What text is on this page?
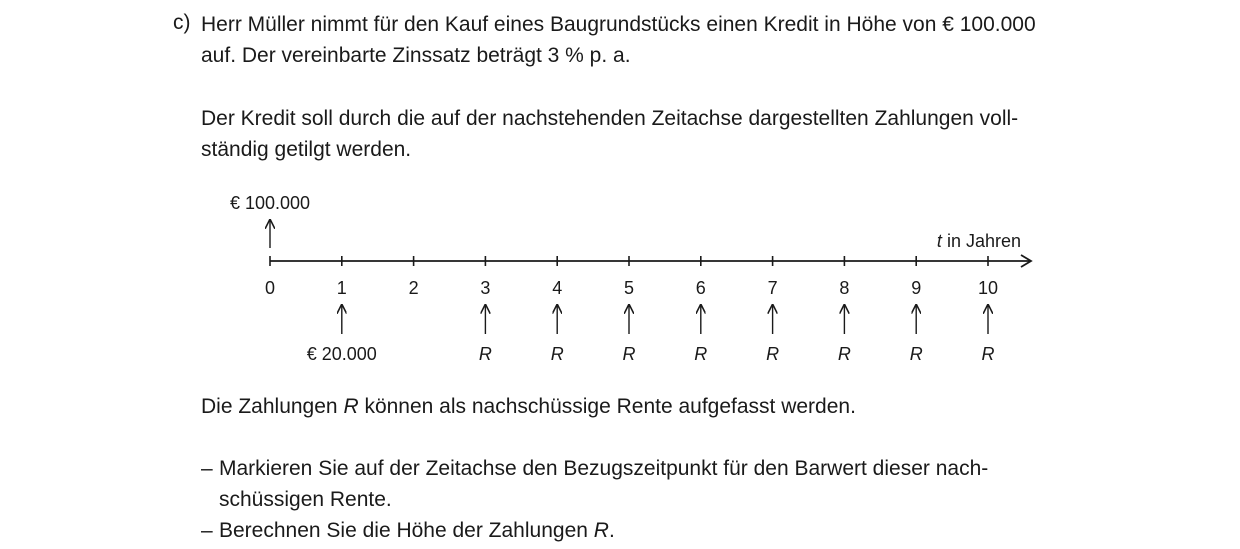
c) Herr Müller nimmt für den Kauf eines Baugrundstücks einen Kredit in Höhe von € 100.000
auf. Der vereinbarte Zinssatz beträgt 3 % p. a.

Der Kredit soll durch die auf der nachstehenden Zeitachse dargestellten Zahlungen voll-
ständig getilgt werden.

t in Jahren
€ 100.000
0	1	2	3	4	5	6	7	8	9	10
€ 20.000	R	R	R	R	R	R	R	R

Die Zahlungen R können als nachschüssige Rente aufgefasst werden.

– Markieren Sie auf der Zeitachse den Bezugszeitpunkt für den Barwert dieser nach-
schüssigen Rente.
– Berechnen Sie die Höhe der Zahlungen R.
